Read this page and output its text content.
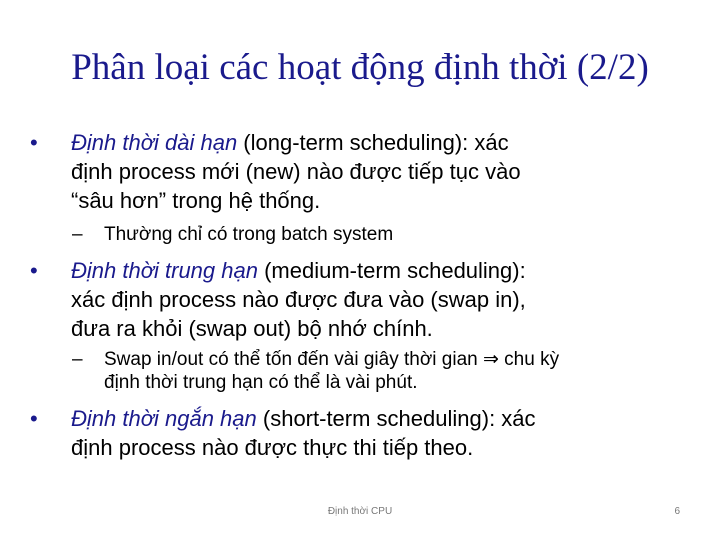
Phân loại các hoạt động định thời (2/2)
•	Định thời dài hạn (long-term scheduling): xác
định process mới (new) nào được tiếp tục vào
“sâu hơn” trong hệ thống.
– Thường chỉ có trong batch system
•	Định thời trung hạn (medium-term scheduling):
xác định process nào được đưa vào (swap in),
đưa ra khỏi (swap out) bộ nhớ chính.
– Swap in/out có thể tốn đến vài giây thời gian ⇒ chu kỳ
định thời trung hạn có thể là vài phút.
•	Định thời ngắn hạn (short-term scheduling): xác
định process nào được thực thi tiếp theo.
Định thời CPU	6
